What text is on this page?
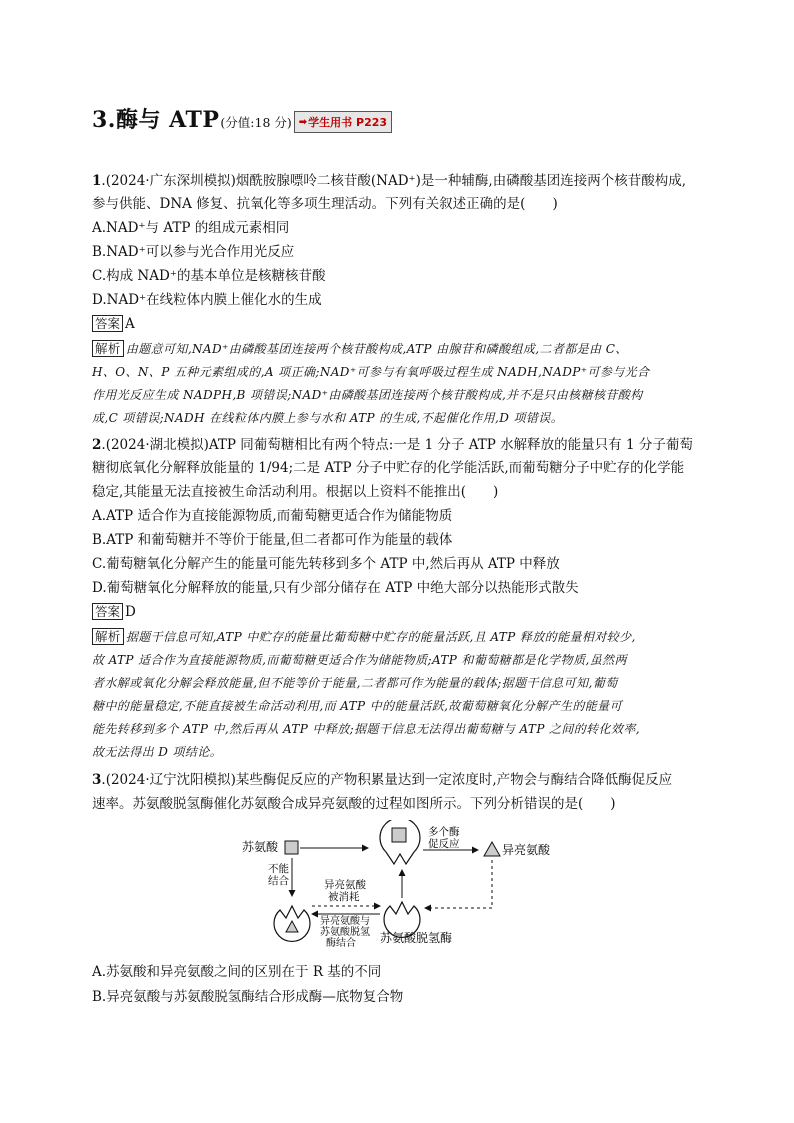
3.酶与 ATP (分值:18 分) ➡ 学生用书 P223
1.(2024·广东深圳模拟)烟酰胺腺嘌呤二核苷酸(NAD⁺)是一种辅酶,由磷酸基团连接两个核苷酸构成,
参与供能、DNA 修复、抗氧化等多项生理活动。下列有关叙述正确的是(　　)
A.NAD⁺与 ATP 的组成元素相同
B.NAD⁺可以参与光合作用光反应
C.构成 NAD⁺的基本单位是核糖核苷酸
D.NAD⁺在线粒体内膜上催化水的生成
答案 A
解析 由题意可知,NAD⁺由磷酸基团连接两个核苷酸构成,ATP 由腺苷和磷酸组成,二者都是由 C、
H、O、N、P 五种元素组成的,A 项正确;NAD⁺可参与有氧呼吸过程生成 NADH,NADP⁺可参与光合
作用光反应生成 NADPH,B 项错误;NAD⁺由磷酸基团连接两个核苷酸构成,并不是只由核糖核苷酸构
成,C 项错误;NADH 在线粒体内膜上参与水和 ATP 的生成,不起催化作用,D 项错误。
2.(2024·湖北模拟)ATP 同葡萄糖相比有两个特点:一是 1 分子 ATP 水解释放的能量只有 1 分子葡萄
糖彻底氧化分解释放能量的 1/94;二是 ATP 分子中贮存的化学能活跃,而葡萄糖分子中贮存的化学能
稳定,其能量无法直接被生命活动利用。根据以上资料不能推出(　　)
A.ATP 适合作为直接能源物质,而葡萄糖更适合作为储能物质
B.ATP 和葡萄糖并不等价于能量,但二者都可作为能量的载体
C.葡萄糖氧化分解产生的能量可能先转移到多个 ATP 中,然后再从 ATP 中释放
D.葡萄糖氧化分解释放的能量,只有少部分储存在 ATP 中绝大部分以热能形式散失
答案 D
解析 据题干信息可知,ATP 中贮存的能量比葡萄糖中贮存的能量活跃,且 ATP 释放的能量相对较少,
故 ATP 适合作为直接能源物质,而葡萄糖更适合作为储能物质;ATP 和葡萄糖都是化学物质,虽然两
者水解或氧化分解会释放能量,但不能等价于能量,二者都可作为能量的载体;据题干信息可知,葡萄
糖中的能量稳定,不能直接被生命活动利用,而 ATP 中的能量活跃,故葡萄糖氧化分解产生的能量可
能先转移到多个 ATP 中,然后再从 ATP 中释放;据题干信息无法得出葡萄糖与 ATP 之间的转化效率,
故无法得出 D 项结论。
3.(2024·辽宁沈阳模拟)某些酶促反应的产物积累量达到一定浓度时,产物会与酶结合降低酶促反应
速率。苏氨酸脱氢酶催化苏氨酸合成异亮氨酸的过程如图所示。下列分析错误的是(　　)
苏氨酸
多个酶
促反应	异亮氨酸
苏氨酸脱氢酶
不能
结合	异亮氨酸
被消耗
异亮氨酸与
苏氨酸脱氢
酶结合
A.苏氨酸和异亮氨酸之间的区别在于 R 基的不同
B.异亮氨酸与苏氨酸脱氢酶结合形成酶—底物复合物
